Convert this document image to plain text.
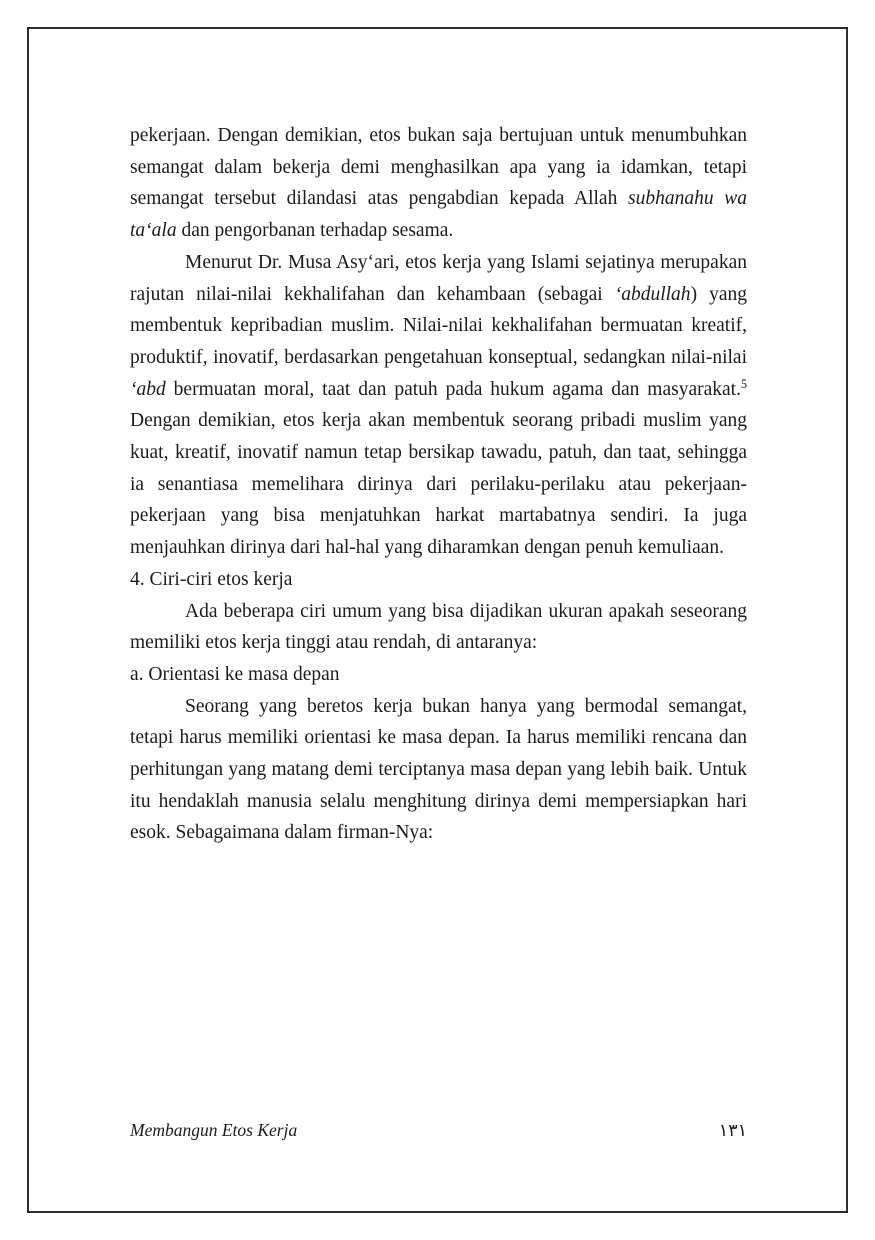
pekerjaan. Dengan demikian, etos bukan saja bertujuan untuk menumbuhkan semangat dalam bekerja demi menghasilkan apa yang ia idamkan, tetapi semangat tersebut dilandasi atas pengabdian kepada Allah subhanahu wa ta‘ala dan pengorbanan terhadap sesama.

Menurut Dr. Musa Asy‘ari, etos kerja yang Islami sejatinya merupakan rajutan nilai-nilai kekhalifahan dan kehambaan (sebagai ‘abdullah) yang membentuk kepribadian muslim. Nilai-nilai kekhalifahan bermuatan kreatif, produktif, inovatif, berdasarkan pengetahuan konseptual, sedangkan nilai-nilai ‘abd bermuatan moral, taat dan patuh pada hukum agama dan masyarakat.$^5$ Dengan demikian, etos kerja akan membentuk seorang pribadi muslim yang kuat, kreatif, inovatif namun tetap bersikap tawadu, patuh, dan taat, sehingga ia senantiasa memelihara dirinya dari perilaku-perilaku atau pekerjaan-pekerjaan yang bisa menjatuhkan harkat martabatnya sendiri. Ia juga menjauhkan dirinya dari hal-hal yang diharamkan dengan penuh kemuliaan.

4. Ciri-ciri etos kerja

Ada beberapa ciri umum yang bisa dijadikan ukuran apakah seseorang memiliki etos kerja tinggi atau rendah, di antaranya:

a. Orientasi ke masa depan

Seorang yang beretos kerja bukan hanya yang bermodal semangat, tetapi harus memiliki orientasi ke masa depan. Ia harus memiliki rencana dan perhitungan yang matang demi terciptanya masa depan yang lebih baik. Untuk itu hendaklah manusia selalu menghitung dirinya demi mempersiapkan hari esok. Sebagaimana dalam firman-Nya:

Membangun Etos Kerja	١٣١
